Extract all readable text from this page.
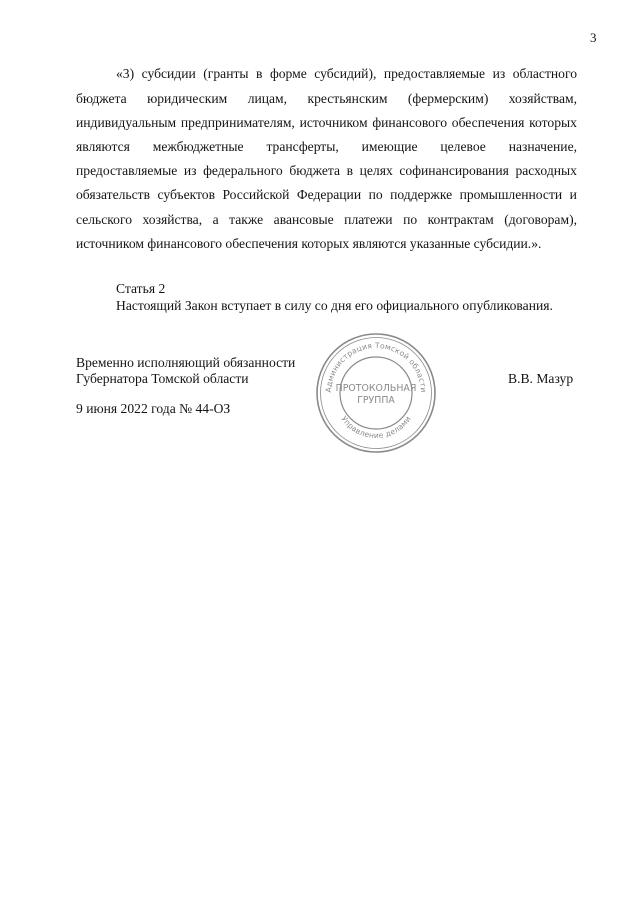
3
«3) субсидии (гранты в форме субсидий), предоставляемые из областного
бюджета юридическим лицам, крестьянским (фермерским) хозяйствам,
индивидуальным предпринимателям, источником финансового обеспечения которых
являются межбюджетные трансферты, имеющие целевое назначение,
предоставляемые из федерального бюджета в целях софинансирования расходных
обязательств субъектов Российской Федерации по поддержке промышленности и
сельского хозяйства, а также авансовые платежи по контрактам (договорам),
источником финансового обеспечения которых являются указанные субсидии.».
Статья 2
Настоящий Закон вступает в силу со дня его официального опубликования.
Временно исполняющий обязанности
Губернатора Томской области	В.В. Мазур
9 июня 2022 года № 44-ОЗ
Администрация Томской области
Управление делами
ПРОТОКОЛЬНАЯ
ГРУППА
